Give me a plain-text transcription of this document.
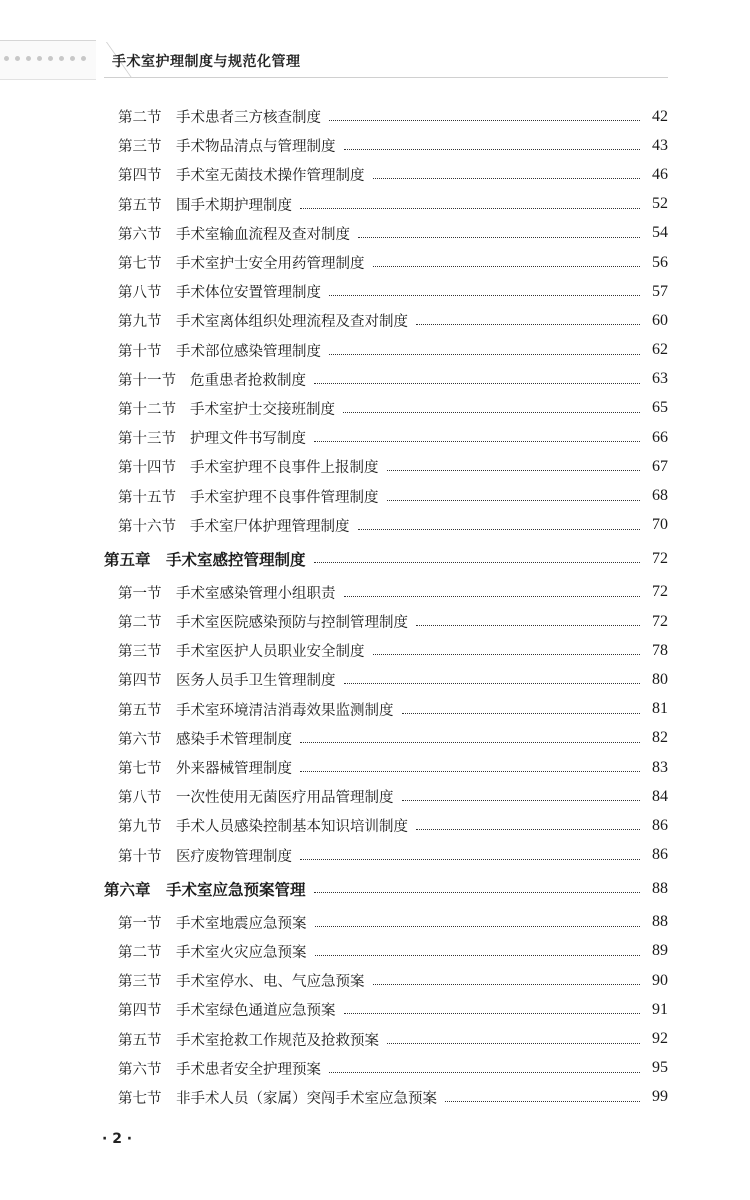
手术室护理制度与规范化管理
第二节 手术患者三方核查制度	42
第三节 手术物品清点与管理制度	43
第四节 手术室无菌技术操作管理制度	46
第五节 围手术期护理制度	52
第六节 手术室输血流程及查对制度	54
第七节 手术室护士安全用药管理制度	56
第八节 手术体位安置管理制度	57
第九节 手术室离体组织处理流程及查对制度	60
第十节 手术部位感染管理制度	62
第十一节 危重患者抢救制度	63
第十二节 手术室护士交接班制度	65
第十三节 护理文件书写制度	66
第十四节 手术室护理不良事件上报制度	67
第十五节 手术室护理不良事件管理制度	68
第十六节 手术室尸体护理管理制度	70
第五章 手术室感控管理制度	72
第一节 手术室感染管理小组职责	72
第二节 手术室医院感染预防与控制管理制度	72
第三节 手术室医护人员职业安全制度	78
第四节 医务人员手卫生管理制度	80
第五节 手术室环境清洁消毒效果监测制度	81
第六节 感染手术管理制度	82
第七节 外来器械管理制度	83
第八节 一次性使用无菌医疗用品管理制度	84
第九节 手术人员感染控制基本知识培训制度	86
第十节 医疗废物管理制度	86
第六章 手术室应急预案管理	88
第一节 手术室地震应急预案	88
第二节 手术室火灾应急预案	89
第三节 手术室停水、电、气应急预案	90
第四节 手术室绿色通道应急预案	91
第五节 手术室抢救工作规范及抢救预案	92
第六节 手术患者安全护理预案	95
第七节 非手术人员（家属）突闯手术室应急预案	99
· 2 ·
